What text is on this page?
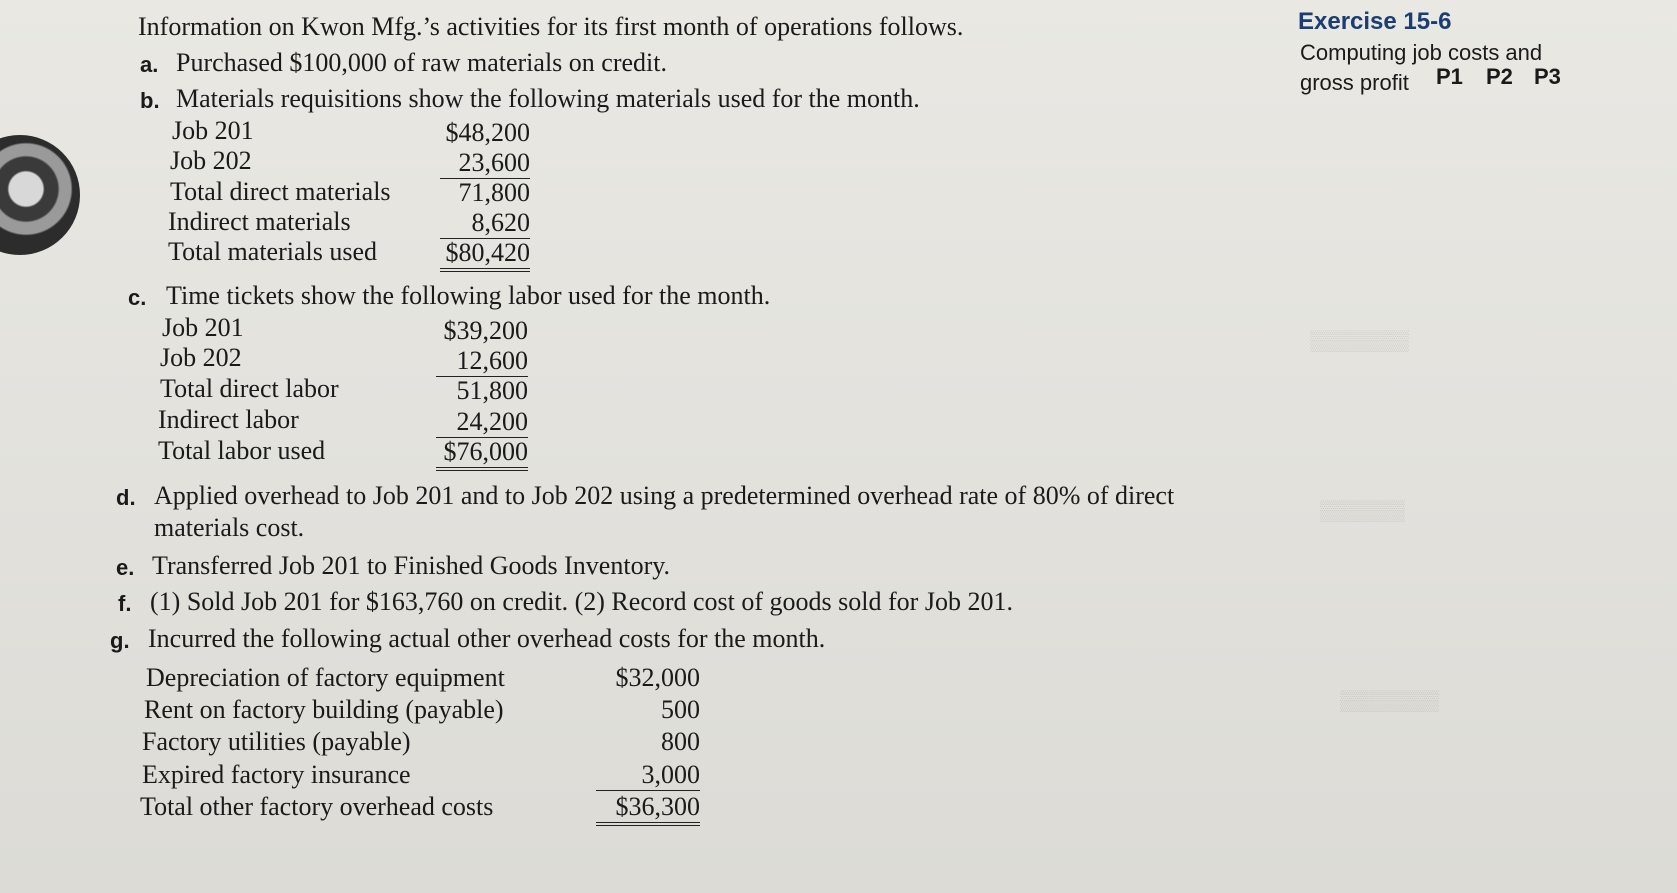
▒▒▒▒▒▒▒
▒▒▒▒▒▒
▒▒▒▒▒▒▒
Information on Kwon Mfg.’s activities for its first month of operations follows.
a. Purchased $100,000 of raw materials on credit.
b. Materials requisitions show the following materials used for the month.
Job 201	$48,200
Job 202	23,600
Total direct materials	71,800
Indirect materials	8,620
Total materials used	$80,420
c. Time tickets show the following labor used for the month.
Job 201	$39,200
Job 202	12,600
Total direct labor	51,800
Indirect labor	24,200
Total labor used	$76,000
d. Applied overhead to Job 201 and to Job 202 using a predetermined overhead rate of 80% of direct
materials cost.
e. Transferred Job 201 to Finished Goods Inventory.
f. (1) Sold Job 201 for $163,760 on credit. (2) Record cost of goods sold for Job 201.
g. Incurred the following actual other overhead costs for the month.
Depreciation of factory equipment	$32,000
Rent on factory building (payable)	500
Factory utilities (payable)	800
Expired factory insurance	3,000
Total other factory overhead costs	$36,300
Exercise 15-6
Computing job costs and
gross profit P1 P2 P3
